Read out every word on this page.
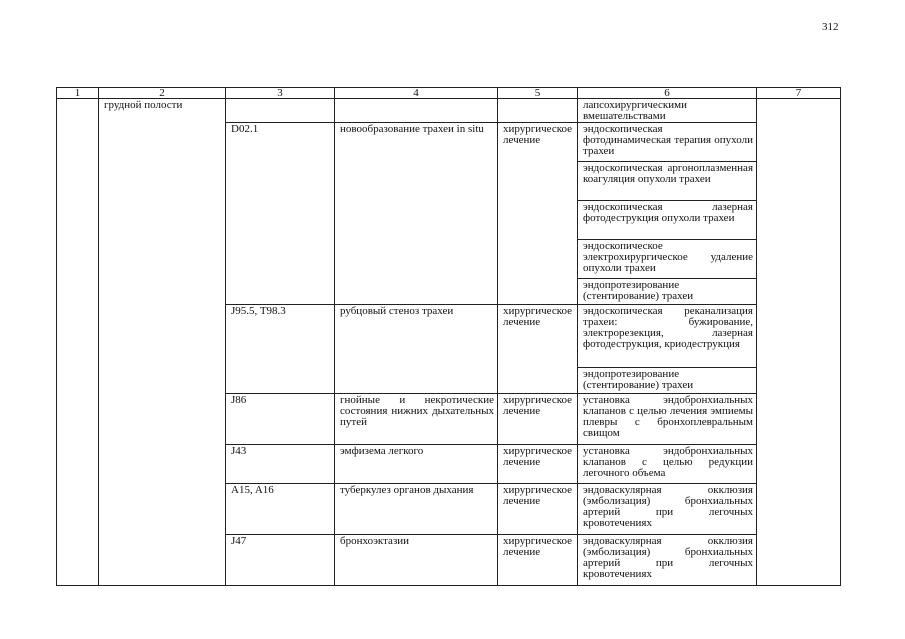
312
1	2	3	4	5	6	7
	грудной полости				лапсохирургическими вмешательствами	
		D02.1	новообразование трахеи in situ	хирургическое лечение	эндоскопическая фотодинамическая терапия опухоли трахеи	
					эндоскопическая аргоноплазменная коагуляция опухоли трахеи	
					эндоскопическая лазерная фотодеструкция опухоли трахеи	
					эндоскопическое электрохирургическое удаление опухоли трахеи	
					эндопротезирование (стентирование) трахеи	
		J95.5, T98.3	рубцовый стеноз трахеи	хирургическое лечение	эндоскопическая реканализация трахеи: бужирование, электрорезекция, лазерная фотодеструкция, криодеструкция	
					эндопротезирование (стентирование) трахеи	
		J86	гнойные и некротические состояния нижних дыхательных путей	хирургическое лечение	установка эндобронхиальных клапанов с целью лечения эмпиемы плевры с бронхоплевральным свищом	
		J43	эмфизема легкого	хирургическое лечение	установка эндобронхиальных клапанов с целью редукции легочного объема	
		A15, A16	туберкулез органов дыхания	хирургическое лечение	эндоваскулярная окклюзия (эмболизация) бронхиальных артерий при легочных кровотечениях	
		J47	бронхоэктазии	хирургическое лечение	эндоваскулярная окклюзия (эмболизация) бронхиальных артерий при легочных кровотечениях	
